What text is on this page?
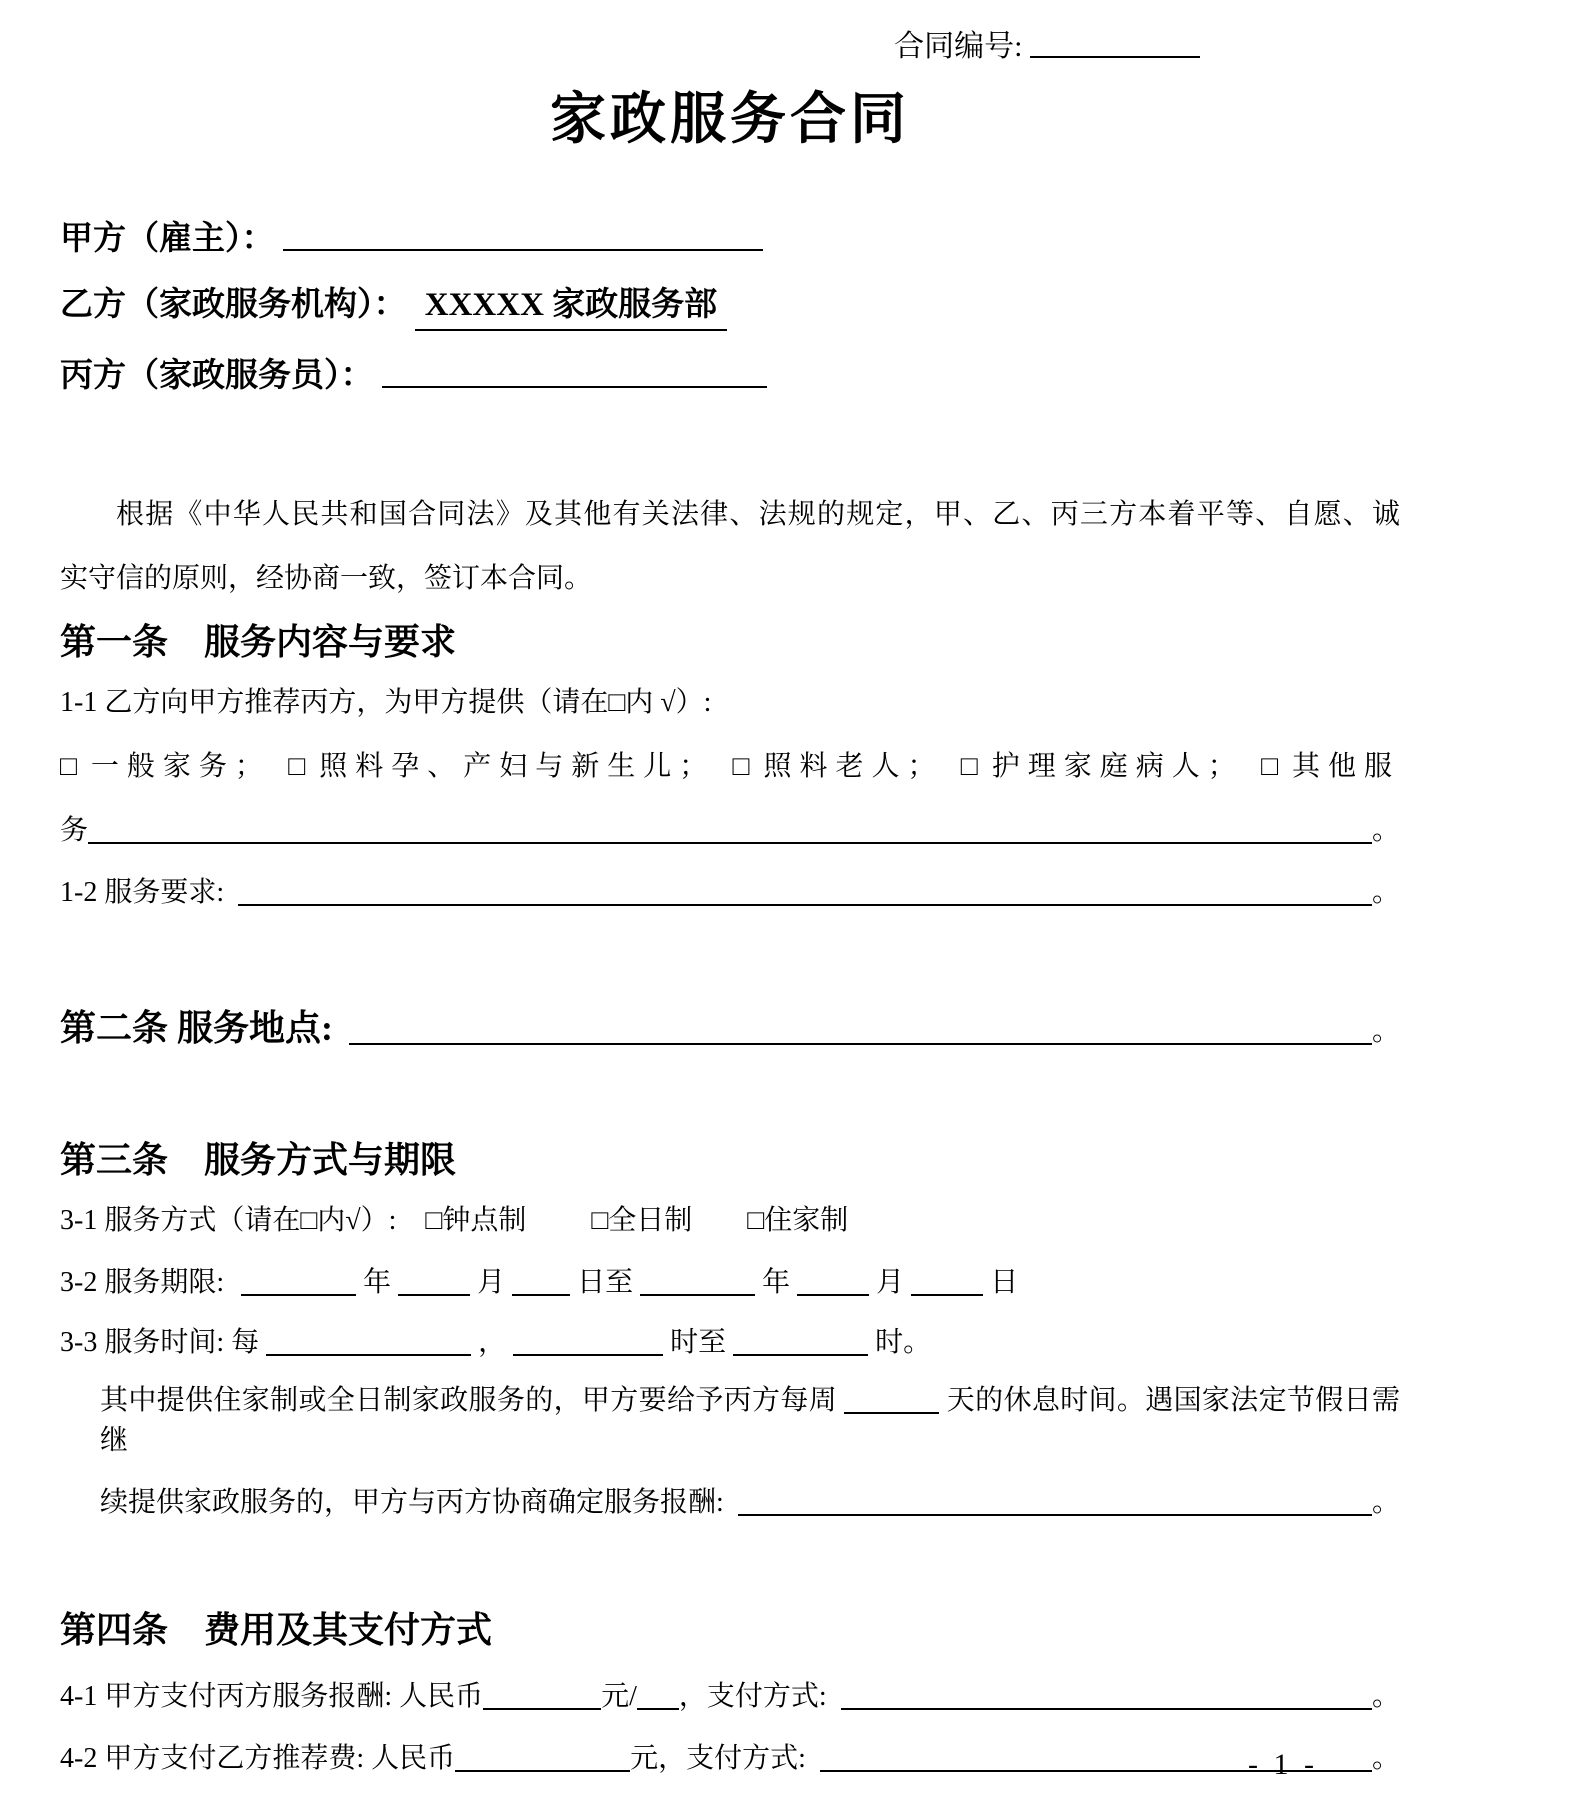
合同编号:
家政服务合同
甲方（雇主）：
乙方（家政服务机构）： XXXXX 家政服务部
丙方（家政服务员）：
根据《中华人民共和国合同法》及其他有关法律、法规的规定，甲、乙、丙三方本着平等、自愿、诚
实守信的原则，经协商一致，签订本合同。
第一条　服务内容与要求
1-1 乙方向甲方推荐丙方，为甲方提供（请在□内 √）:
□ 一般家务； □ 照料孕、产妇与新生儿； □ 照料老人； □ 护理家庭病人； □ 其他服
务	。
1-2 服务要求:	。
第二条 服务地点:	。
第三条　服务方式与期限
3-1 服务方式（请在□内√）: □钟点制 □全日制 □住家制
3-2 服务期限:	年	月	日至	年	月	日
3-3 服务时间: 每	，	时至	时。
其中提供住家制或全日制家政服务的，甲方要给予丙方每周	天的休息时间。遇国家法定节假日需继
续提供家政服务的，甲方与丙方协商确定服务报酬:	。
第四条　费用及其支付方式
4-1 甲方支付丙方服务报酬: 人民币	元/ ，支付方式:	。
4-2 甲方支付乙方推荐费: 人民币	元，支付方式:	。
- 1 -
